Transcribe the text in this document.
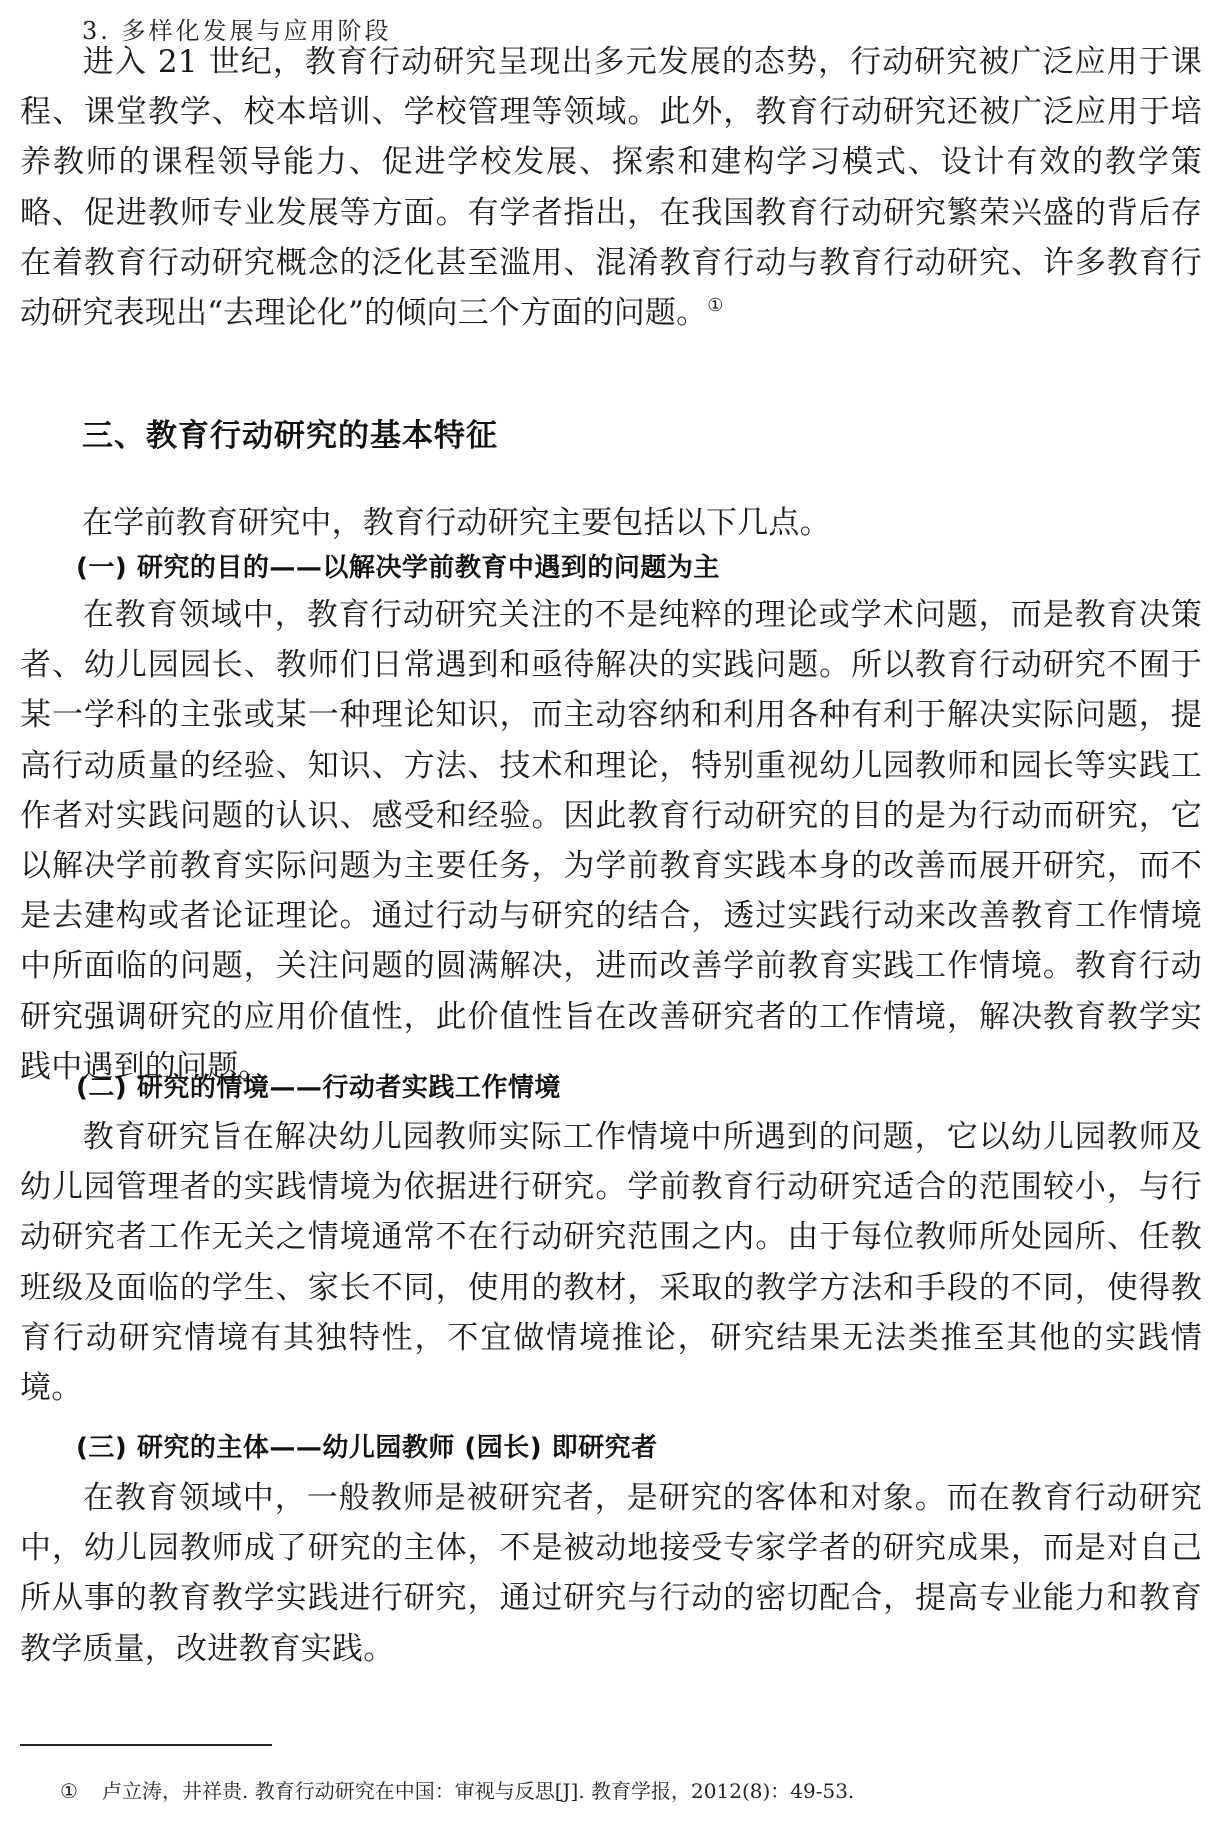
3. 多样化发展与应用阶段
进入 21 世纪，教育行动研究呈现出多元发展的态势，行动研究被广泛应用于课程、课堂教学、校本培训、学校管理等领域。此外，教育行动研究还被广泛应用于培养教师的课程领导能力、促进学校发展、探索和建构学习模式、设计有效的教学策略、促进教师专业发展等方面。有学者指出，在我国教育行动研究繁荣兴盛的背后存在着教育行动研究概念的泛化甚至滥用、混淆教育行动与教育行动研究、许多教育行动研究表现出“去理论化”的倾向三个方面的问题。①
三、教育行动研究的基本特征
在学前教育研究中，教育行动研究主要包括以下几点。
(一) 研究的目的——以解决学前教育中遇到的问题为主
在教育领域中，教育行动研究关注的不是纯粹的理论或学术问题，而是教育决策者、幼儿园园长、教师们日常遇到和亟待解决的实践问题。所以教育行动研究不囿于某一学科的主张或某一种理论知识，而主动容纳和利用各种有利于解决实际问题，提高行动质量的经验、知识、方法、技术和理论，特别重视幼儿园教师和园长等实践工作者对实践问题的认识、感受和经验。因此教育行动研究的目的是为行动而研究，它以解决学前教育实际问题为主要任务，为学前教育实践本身的改善而展开研究，而不是去建构或者论证理论。通过行动与研究的结合，透过实践行动来改善教育工作情境中所面临的问题，关注问题的圆满解决，进而改善学前教育实践工作情境。教育行动研究强调研究的应用价值性，此价值性旨在改善研究者的工作情境，解决教育教学实践中遇到的问题。
(二) 研究的情境——行动者实践工作情境
教育研究旨在解决幼儿园教师实际工作情境中所遇到的问题，它以幼儿园教师及幼儿园管理者的实践情境为依据进行研究。学前教育行动研究适合的范围较小，与行动研究者工作无关之情境通常不在行动研究范围之内。由于每位教师所处园所、任教班级及面临的学生、家长不同，使用的教材，采取的教学方法和手段的不同，使得教育行动研究情境有其独特性，不宜做情境推论，研究结果无法类推至其他的实践情境。
(三) 研究的主体——幼儿园教师 (园长) 即研究者
在教育领域中，一般教师是被研究者，是研究的客体和对象。而在教育行动研究中，幼儿园教师成了研究的主体，不是被动地接受专家学者的研究成果，而是对自己所从事的教育教学实践进行研究，通过研究与行动的密切配合，提高专业能力和教育教学质量，改进教育实践。
① 卢立涛，井祥贵. 教育行动研究在中国：审视与反思[J]. 教育学报，2012(8)：49-53.
